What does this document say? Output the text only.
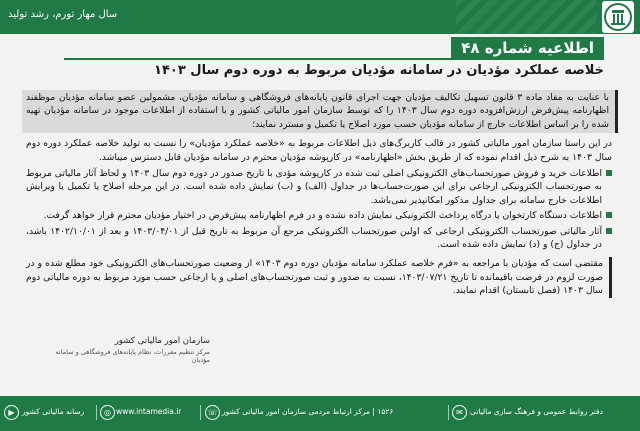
سال مهار تورم، رشد تولید
اطلاعیه شماره ۴۸
خلاصه عملکرد مؤدیان در سامانه مؤدیان مربوط به دوره دوم سال ۱۴۰۳
با عنایت به مفاد ماده ۳ قانون تسهیل تکالیف مؤدیان جهت اجرای قانون پایانه‌های فروشگاهی و سامانه مؤدیان، مشمولین عضو سامانه مؤدیان موظفند اظهارنامه پیش‌فرض ارزش‌افزوده دوره دوم سال ۱۴۰۳ را که توسط سازمان امور مالیاتی کشور و با استفاده از اطلاعات موجود در سامانه مؤدیان تهیه شده را بر اساس اطلاعات خارج از سامانه مؤدیان حسب مورد اصلاح یا تکمیل و مسترد نمایند؛
در این راستا سازمان امور مالیاتی کشور در قالب‌ کاربرگ‌های ذیل اطلاعات مربوط به «خلاصه عملکرد مؤدیان» را نسبت به تولید خلاصه عملکرد دوره دوم سال ۱۴۰۳ به شرح ذیل اقدام نموده که از طریق بخش «اظهارنامه» در کارپوشه مؤدیان محترم در سامانه مؤدیان قابل دسترس میباشد.
اطلاعات خرید و فروش صورتحساب‌های الکترونیکی اصلی ثبت شده در کارپوشه مؤدی با تاریخ صدور در دوره دوم سال ۱۴۰۳ و لحاظ آثار مالیاتی مربوط به صورتحساب الکترونیکی ارجاعی برای این صورت‌حساب‌ها در جداول (الف) و (ب) نمایش داده شده است. در این مرحله اصلاح یا تکمیل یا ویرایش اطلاعات خارج سامانه برای جداول مذکور امکانپذیر نمی‌باشد.
اطلاعات دستگاه کارتخوان یا درگاه پرداخت الکترونیکی نمایش داده نشده و در فرم اظهارنامه پیش‌فرض در اختیار مؤدیان محترم قرار خواهد گرفت.
آثار مالیاتی صورتحساب الکترونیکی ارجاعی که اولین صورتحساب الکترونیکی مرجع آن مربوط به تاریخ قبل از ۱۴۰۳/۰۴/۰۱ و بعد از ۱۴۰۲/۱۰/۰۱ باشد، در جداول (ج) و (د) نمایش داده شده است.
مقتضی است که مؤدیان با مراجعه به «فرم خلاصه عملکرد سامانه مؤدیان دوره دوم ۱۴۰۳» از وضعیت صورتحساب‌های الکترونیکی خود مطلع شده و در صورت لزوم در فرصت باقیمانده تا تاریخ ۱۴۰۳/۰۷/۲۱، نسبت به صدور و ثبت صورتحساب‌های اصلی و یا ارجاعی حسب مورد مربوط به دوره مالیاتی دوم سال ۱۴۰۳ (فصل تابستان) اقدام نمایند.
سازمان امور مالیاتی کشور
مرکز تنظیم مقررات، نظام پایانه‌های فروشگاهی و سامانه مؤدیان
رسانه مالیاتی کشور
▶	www.intamedia.ir
◎	۱۵۲۶ | مرکز ارتباط مردمی سازمان امور مالیاتی کشور
☏	دفتر روابط عمومی و فرهنگ سازی مالیاتی
✉
